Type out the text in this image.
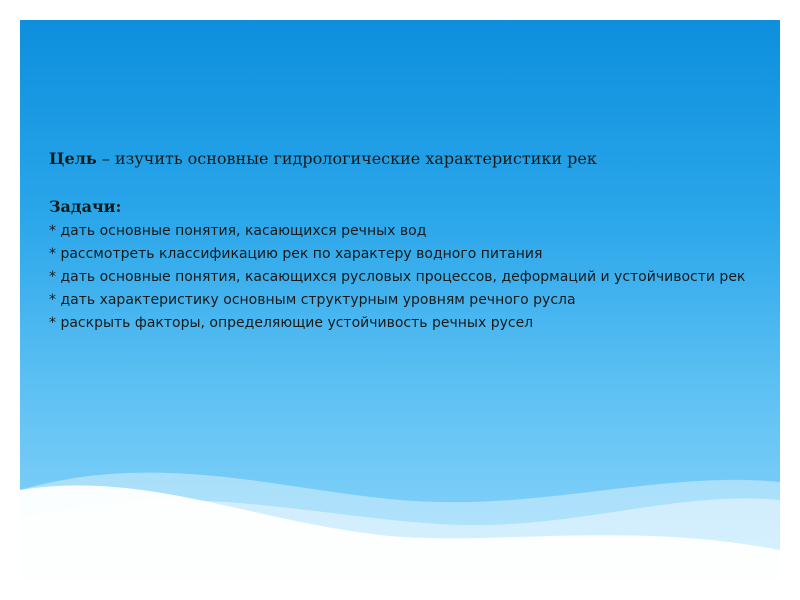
Цель – изучить основные гидрологические характеристики рек

Задачи:

* дать основные понятия, касающихся речных вод
* рассмотреть классификацию рек по характеру водного питания
* дать основные понятия, касающихся русловых процессов, деформаций и устойчивости рек
* дать характеристику основным структурным уровням речного русла
* раскрыть факторы, определяющие устойчивость речных русел
